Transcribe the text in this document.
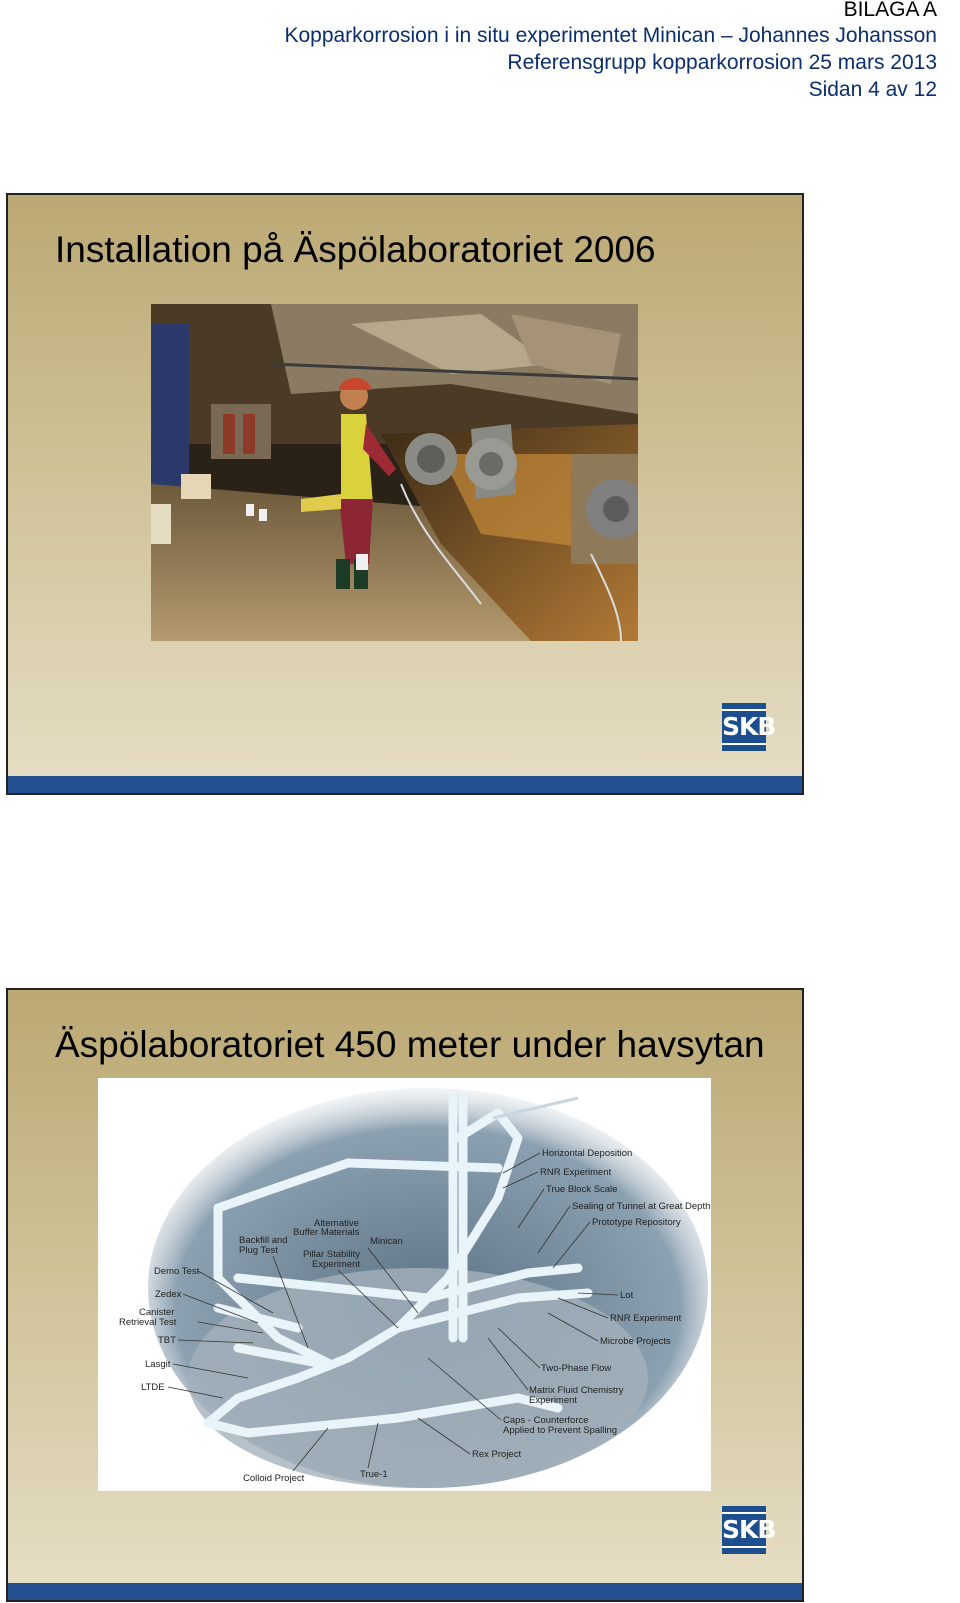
BILAGA A
Kopparkorrosion i in situ experimentet Minican – Johannes Johansson
Referensgrupp kopparkorrosion 25 mars 2013
Sidan 4 av 12
Installation på Äspölaboratoriet 2006
SKB
Äspölaboratoriet 450 meter under havsytan
Horizontal Deposition
RNR Experiment
True Block Scale
Sealing of Tunnel at Great Depth
Prototype Repository
Alternative
Buffer Materials
Backfill and
Plug Test
Minican
Pillar Stability
Experiment
Demo Test
Zedex
Canister
Retrieval Test
TBT
Lasgit
LTDE
Lot
RNR Experiment
Microbe Projects
Two-Phase Flow
Matrix Fluid Chemistry
Experiment
Caps - Counterforce
Applied to Prevent Spalling
Rex Project
True-1
Colloid Project
SKB
